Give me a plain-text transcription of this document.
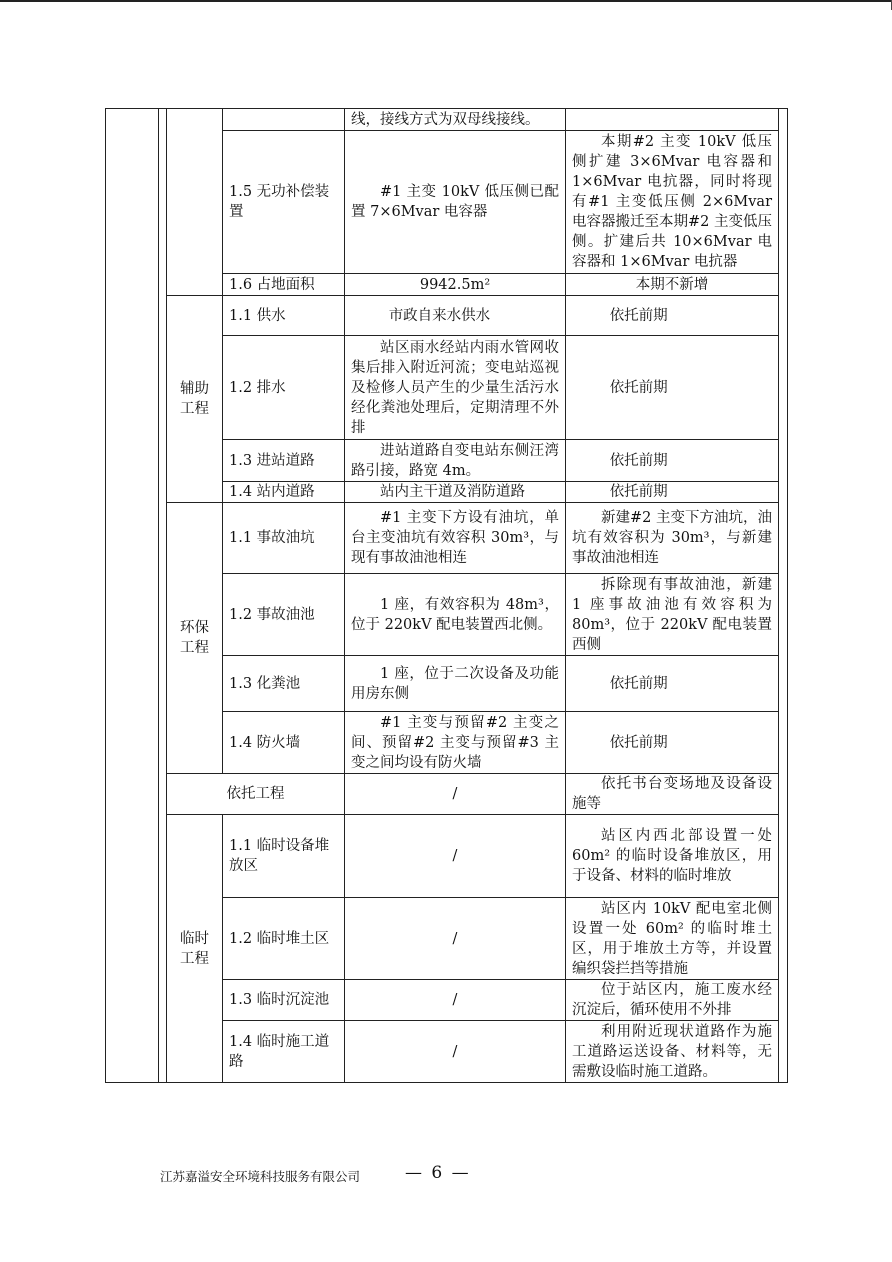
				线，接线方式为双母线接线。		
			1.5 无功补偿装置	#1 主变 10kV 低压侧已配置 7×6Mvar 电容器	本期#2 主变 10kV 低压侧扩建 3×6Mvar 电容器和 1×6Mvar 电抗器，同时将现有#1 主变低压侧 2×6Mvar 电容器搬迁至本期#2 主变低压侧。扩建后共 10×6Mvar 电容器和 1×6Mvar 电抗器	
			1.6 占地面积	9942.5m²	本期不新增	
		辅助工程	1.1 供水	市政自来水供水	依托前期	
			1.2 排水	站区雨水经站内雨水管网收集后排入附近河流；变电站巡视及检修人员产生的少量生活污水经化粪池处理后，定期清理不外排	依托前期	
			1.3 进站道路	进站道路自变电站东侧汪湾路引接，路宽 4m。	依托前期	
			1.4 站内道路	站内主干道及消防道路	依托前期	
		环保工程	1.1 事故油坑	#1 主变下方设有油坑，单台主变油坑有效容积 30m³，与现有事故油池相连	新建#2 主变下方油坑，油坑有效容积为 30m³，与新建事故油池相连	
			1.2 事故油池	1 座，有效容积为 48m³，位于 220kV 配电装置西北侧。	拆除现有事故油池，新建 1 座事故油池有效容积为 80m³，位于 220kV 配电装置西侧	
			1.3 化粪池	1 座，位于二次设备及功能用房东侧	依托前期	
			1.4 防火墙	#1 主变与预留#2 主变之间、预留#2 主变与预留#3 主变之间均设有防火墙	依托前期	
		依托工程		/	依托书台变场地及设备设施等	
		临时工程	1.1 临时设备堆放区	/	站区内西北部设置一处 60m² 的临时设备堆放区，用于设备、材料的临时堆放	
			1.2 临时堆土区	/	站区内 10kV 配电室北侧设置一处 60m² 的临时堆土区，用于堆放土方等，并设置编织袋拦挡等措施	
			1.3 临时沉淀池	/	位于站区内，施工废水经沉淀后，循环使用不外排	
			1.4 临时施工道路	/	利用附近现状道路作为施工道路运送设备、材料等，无需敷设临时施工道路。	
江苏嘉溢安全环境科技服务有限公司	— 6 —
